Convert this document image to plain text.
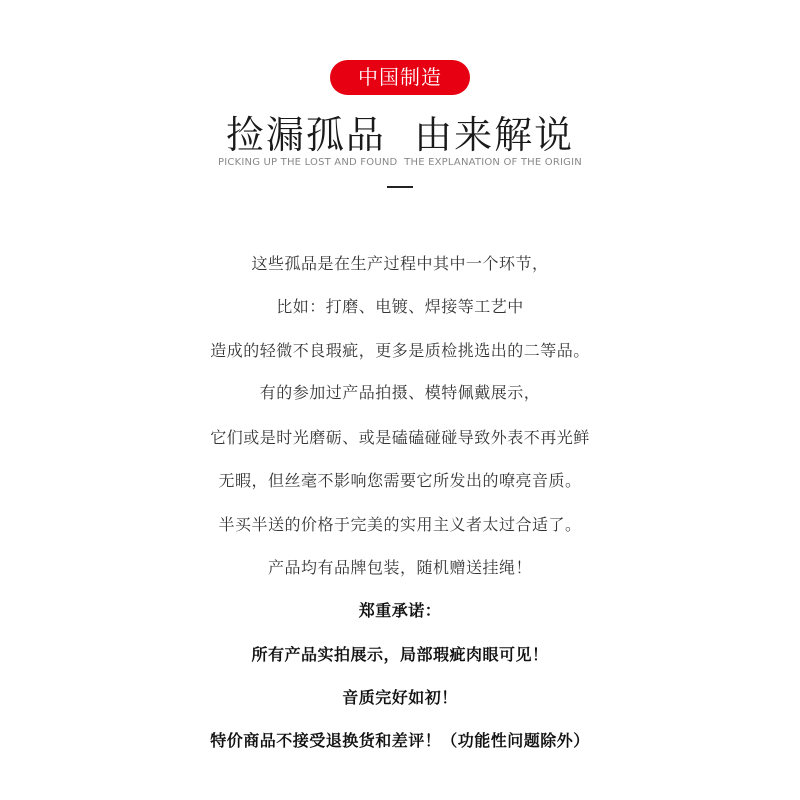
中国制造
捡漏孤品  由来解说
PICKING UP THE LOST AND FOUND  THE EXPLANATION OF THE ORIGIN
这些孤品是在生产过程中其中一个环节，
比如：打磨、电镀、焊接等工艺中
造成的轻微不良瑕疵，更多是质检挑选出的二等品。
有的参加过产品拍摄、模特佩戴展示，
它们或是时光磨砺、或是磕磕碰碰导致外表不再光鲜
无暇，但丝毫不影响您需要它所发出的嘹亮音质。
半买半送的价格于完美的实用主义者太过合适了。
产品均有品牌包装，随机赠送挂绳！
郑重承诺：
所有产品实拍展示，局部瑕疵肉眼可见！
音质完好如初！
特价商品不接受退换货和差评！（功能性问题除外）
